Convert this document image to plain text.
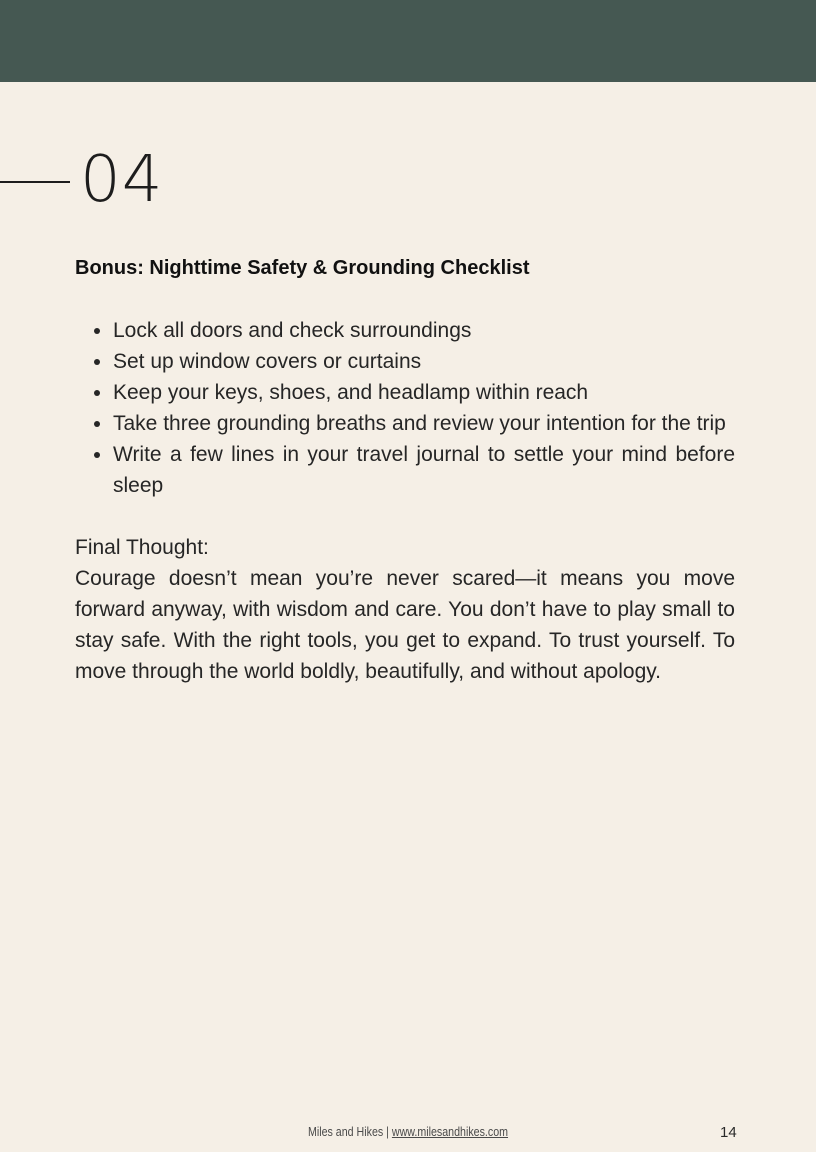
04
Bonus: Nighttime Safety & Grounding Checklist
• Lock all doors and check surroundings
• Set up window covers or curtains
• Keep your keys, shoes, and headlamp within reach
• Take three grounding breaths and review your intention for the trip
• Write a few lines in your travel journal to settle your mind before sleep

Final Thought:

Courage doesn’t mean you’re never scared—it means you move forward anyway, with wisdom and care. You don’t have to play small to stay safe. With the right tools, you get to expand. To trust yourself. To move through the world boldly, beautifully, and without apology.

Miles and Hikes | www.milesandhikes.com	14
